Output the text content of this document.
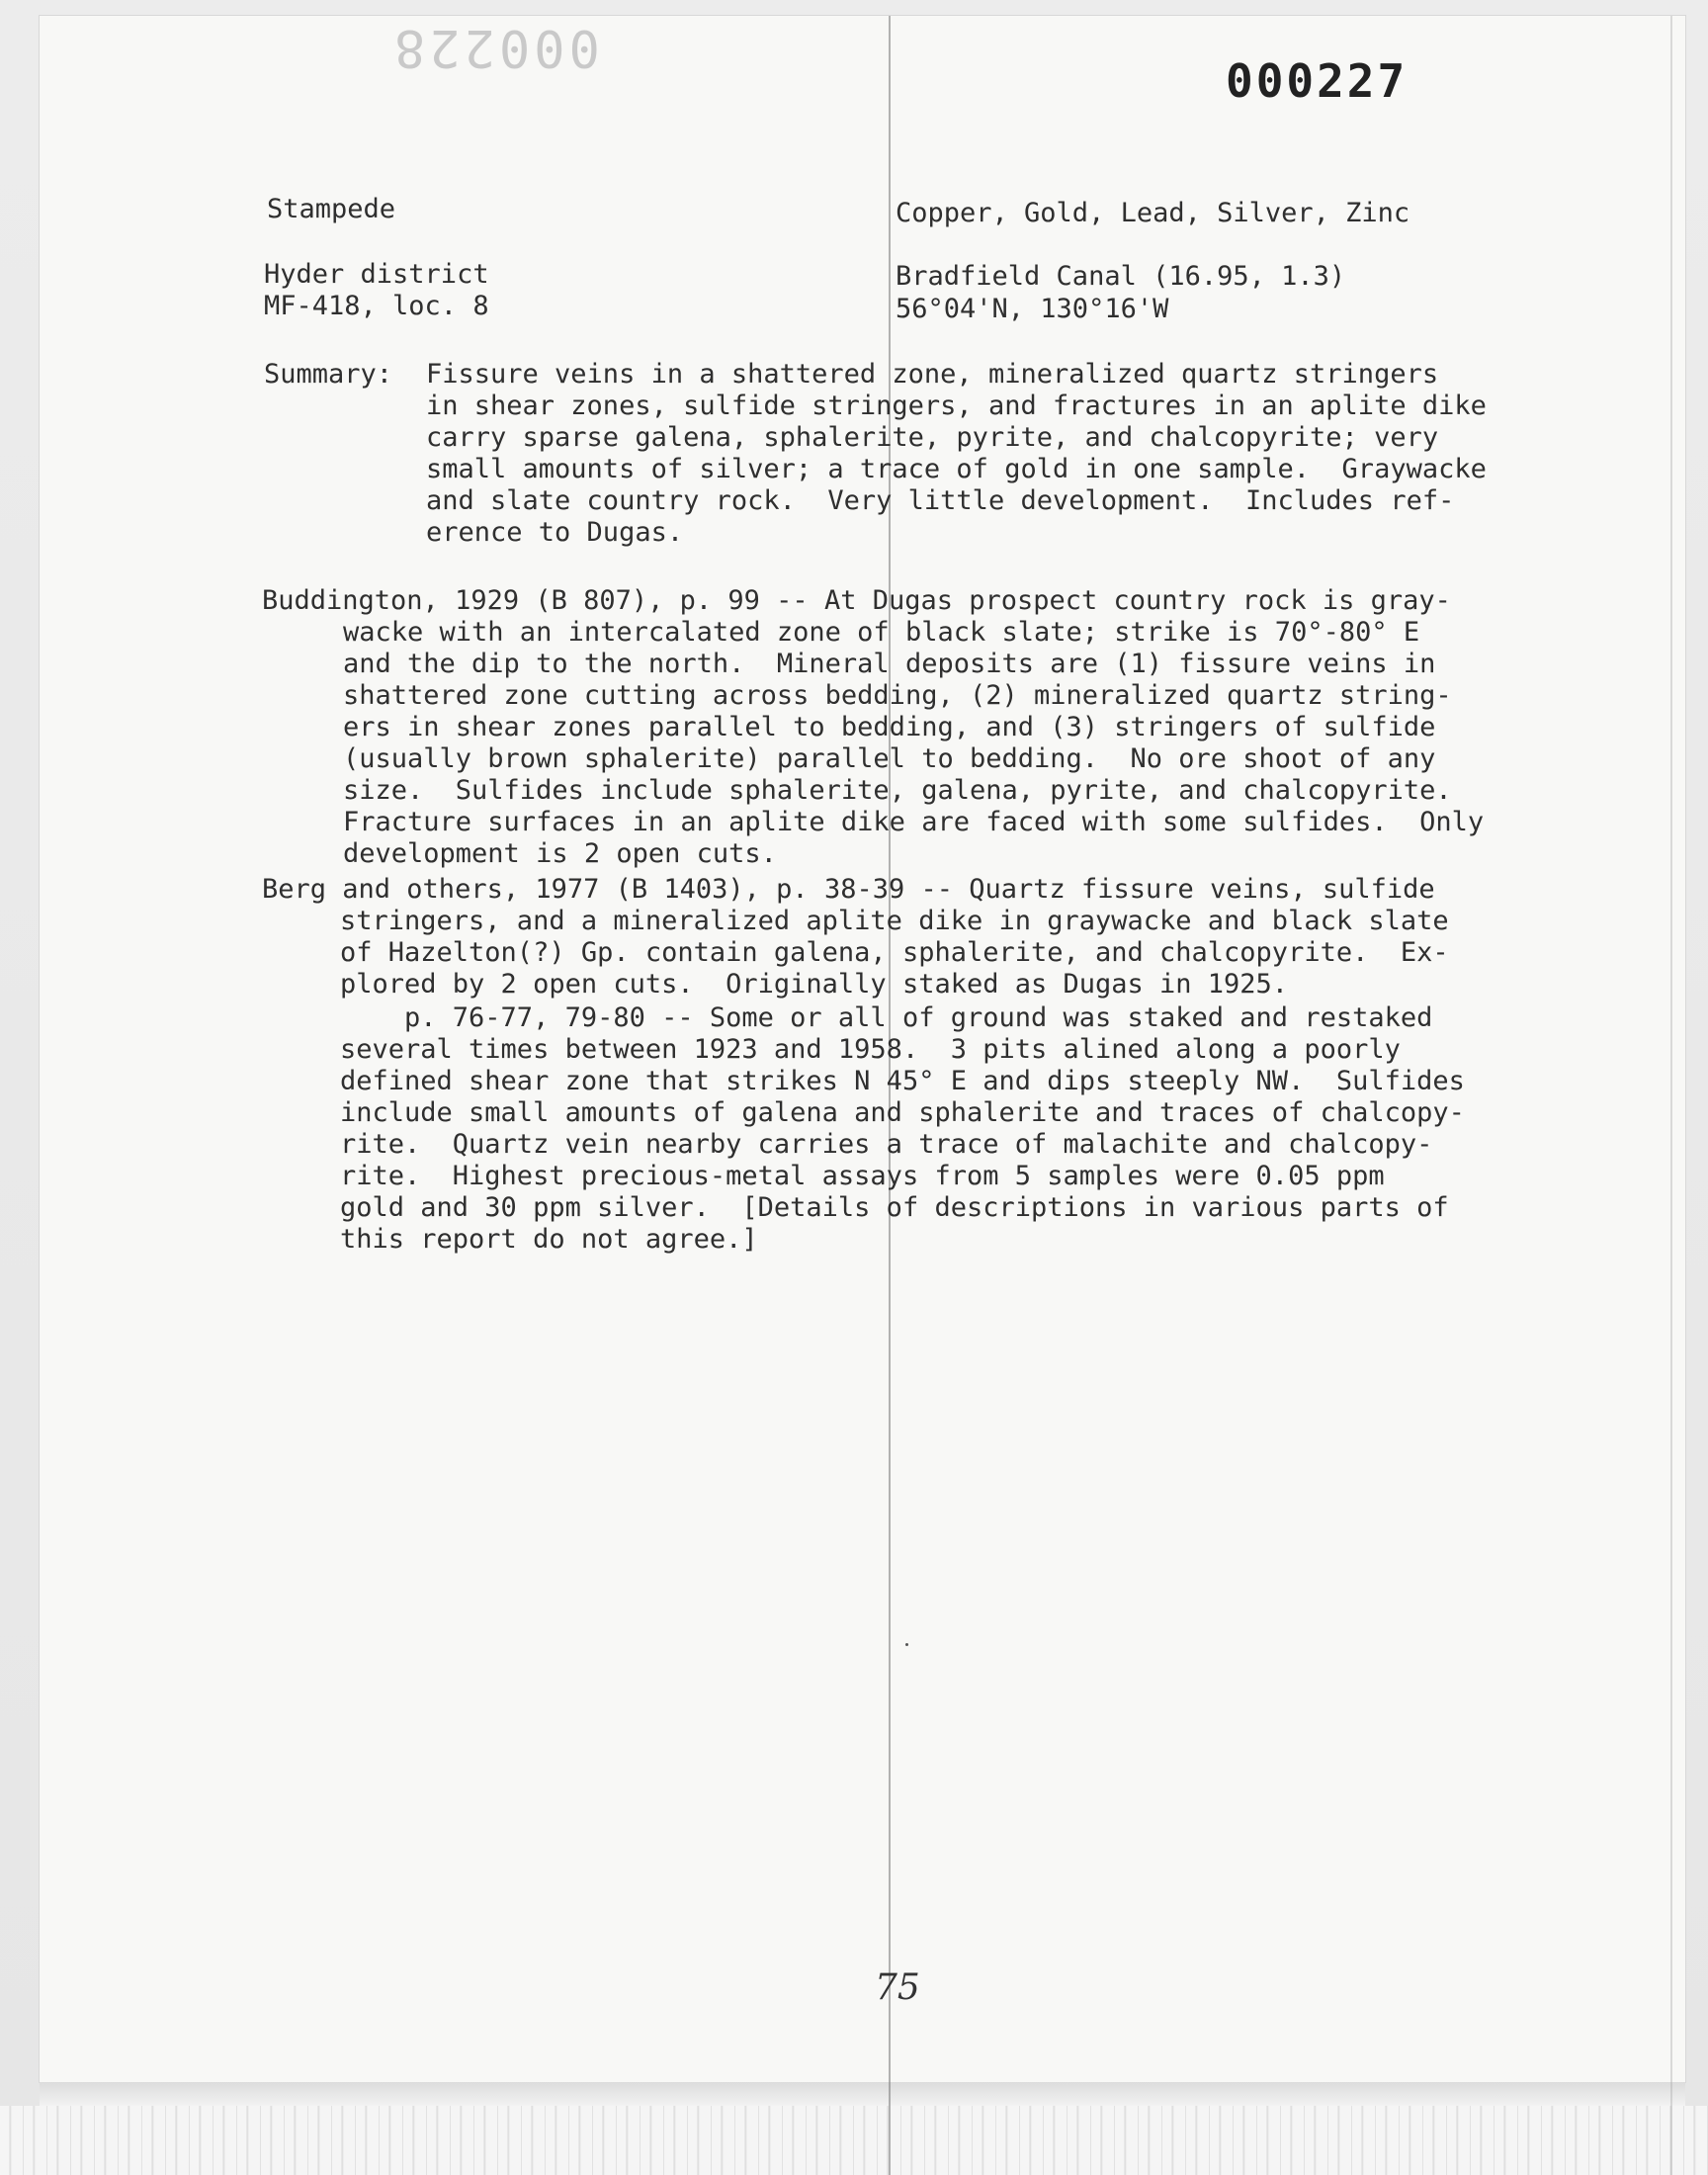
000228
000227
Stampede	Copper, Gold, Lead, Silver, Zinc
Hyder district	Bradfield Canal (16.95, 1.3)
MF-418, loc. 8	56°04'N, 130°16'W
Summary: Fissure veins in a shattered zone, mineralized quartz stringers
in shear zones, sulfide stringers, and fractures in an aplite dike
carry sparse galena, sphalerite, pyrite, and chalcopyrite; very
small amounts of silver; a trace of gold in one sample.  Graywacke
and slate country rock.  Very little development.  Includes ref-
erence to Dugas.
Buddington, 1929 (B 807), p. 99 -- At Dugas prospect country rock is gray-
wacke with an intercalated zone of black slate; strike is 70°-80° E
and the dip to the north.  Mineral deposits are (1) fissure veins in
shattered zone cutting across bedding, (2) mineralized quartz string-
ers in shear zones parallel to bedding, and (3) stringers of sulfide
(usually brown sphalerite) parallel to bedding.  No ore shoot of any
size.  Sulfides include sphalerite, galena, pyrite, and chalcopyrite.
Fracture surfaces in an aplite dike are faced with some sulfides.  Only
development is 2 open cuts.
Berg and others, 1977 (B 1403), p. 38-39 -- Quartz fissure veins, sulfide
stringers, and a mineralized aplite dike in graywacke and black slate
of Hazelton(?) Gp. contain galena, sphalerite, and chalcopyrite.  Ex-
plored by 2 open cuts.  Originally staked as Dugas in 1925.
p. 76-77, 79-80 -- Some or all of ground was staked and restaked
several times between 1923 and 1958.  3 pits alined along a poorly
defined shear zone that strikes N 45° E and dips steeply NW.  Sulfides
include small amounts of galena and sphalerite and traces of chalcopy-
rite.  Quartz vein nearby carries a trace of malachite and chalcopy-
rite.  Highest precious-metal assays from 5 samples were 0.05 ppm
gold and 30 ppm silver.  [Details of descriptions in various parts of
this report do not agree.]
75
